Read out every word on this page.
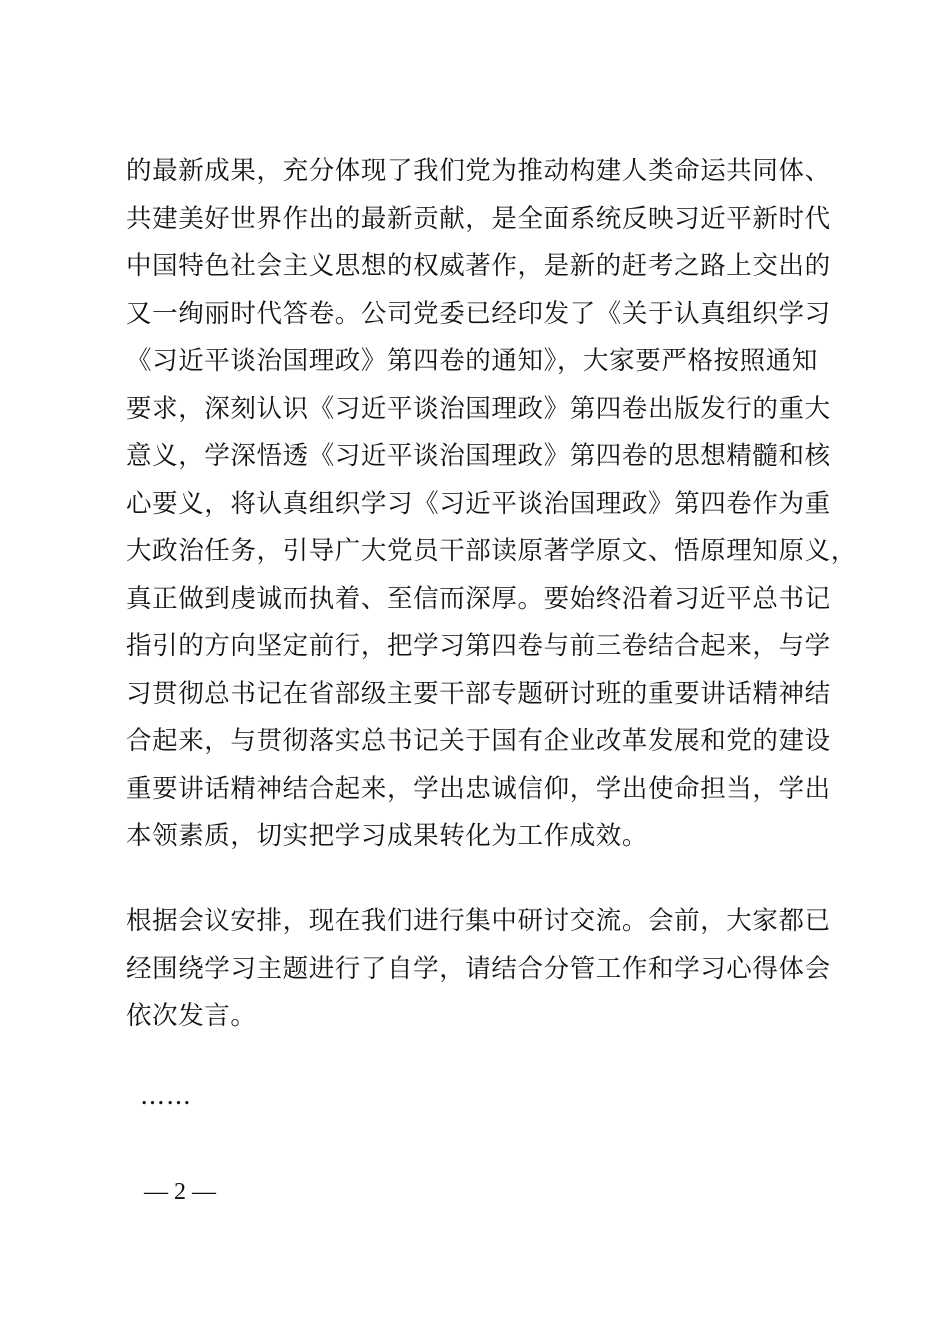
的最新成果，充分体现了我们党为推动构建人类命运共同体、
共建美好世界作出的最新贡献，是全面系统反映习近平新时代
中国特色社会主义思想的权威著作，是新的赶考之路上交出的
又一绚丽时代答卷。公司党委已经印发了《关于认真组织学习
《习近平谈治国理政》第四卷的通知》，大家要严格按照通知
要求，深刻认识《习近平谈治国理政》第四卷出版发行的重大
意义，学深悟透《习近平谈治国理政》第四卷的思想精髓和核
心要义，将认真组织学习《习近平谈治国理政》第四卷作为重
大政治任务，引导广大党员干部读原著学原文、悟原理知原义，
真正做到虔诚而执着、至信而深厚。要始终沿着习近平总书记
指引的方向坚定前行，把学习第四卷与前三卷结合起来，与学
习贯彻总书记在省部级主要干部专题研讨班的重要讲话精神结
合起来，与贯彻落实总书记关于国有企业改革发展和党的建设
重要讲话精神结合起来，学出忠诚信仰，学出使命担当，学出
本领素质，切实把学习成果转化为工作成效。
根据会议安排，现在我们进行集中研讨交流。会前，大家都已
经围绕学习主题进行了自学，请结合分管工作和学习心得体会
依次发言。
……
— 2 —
